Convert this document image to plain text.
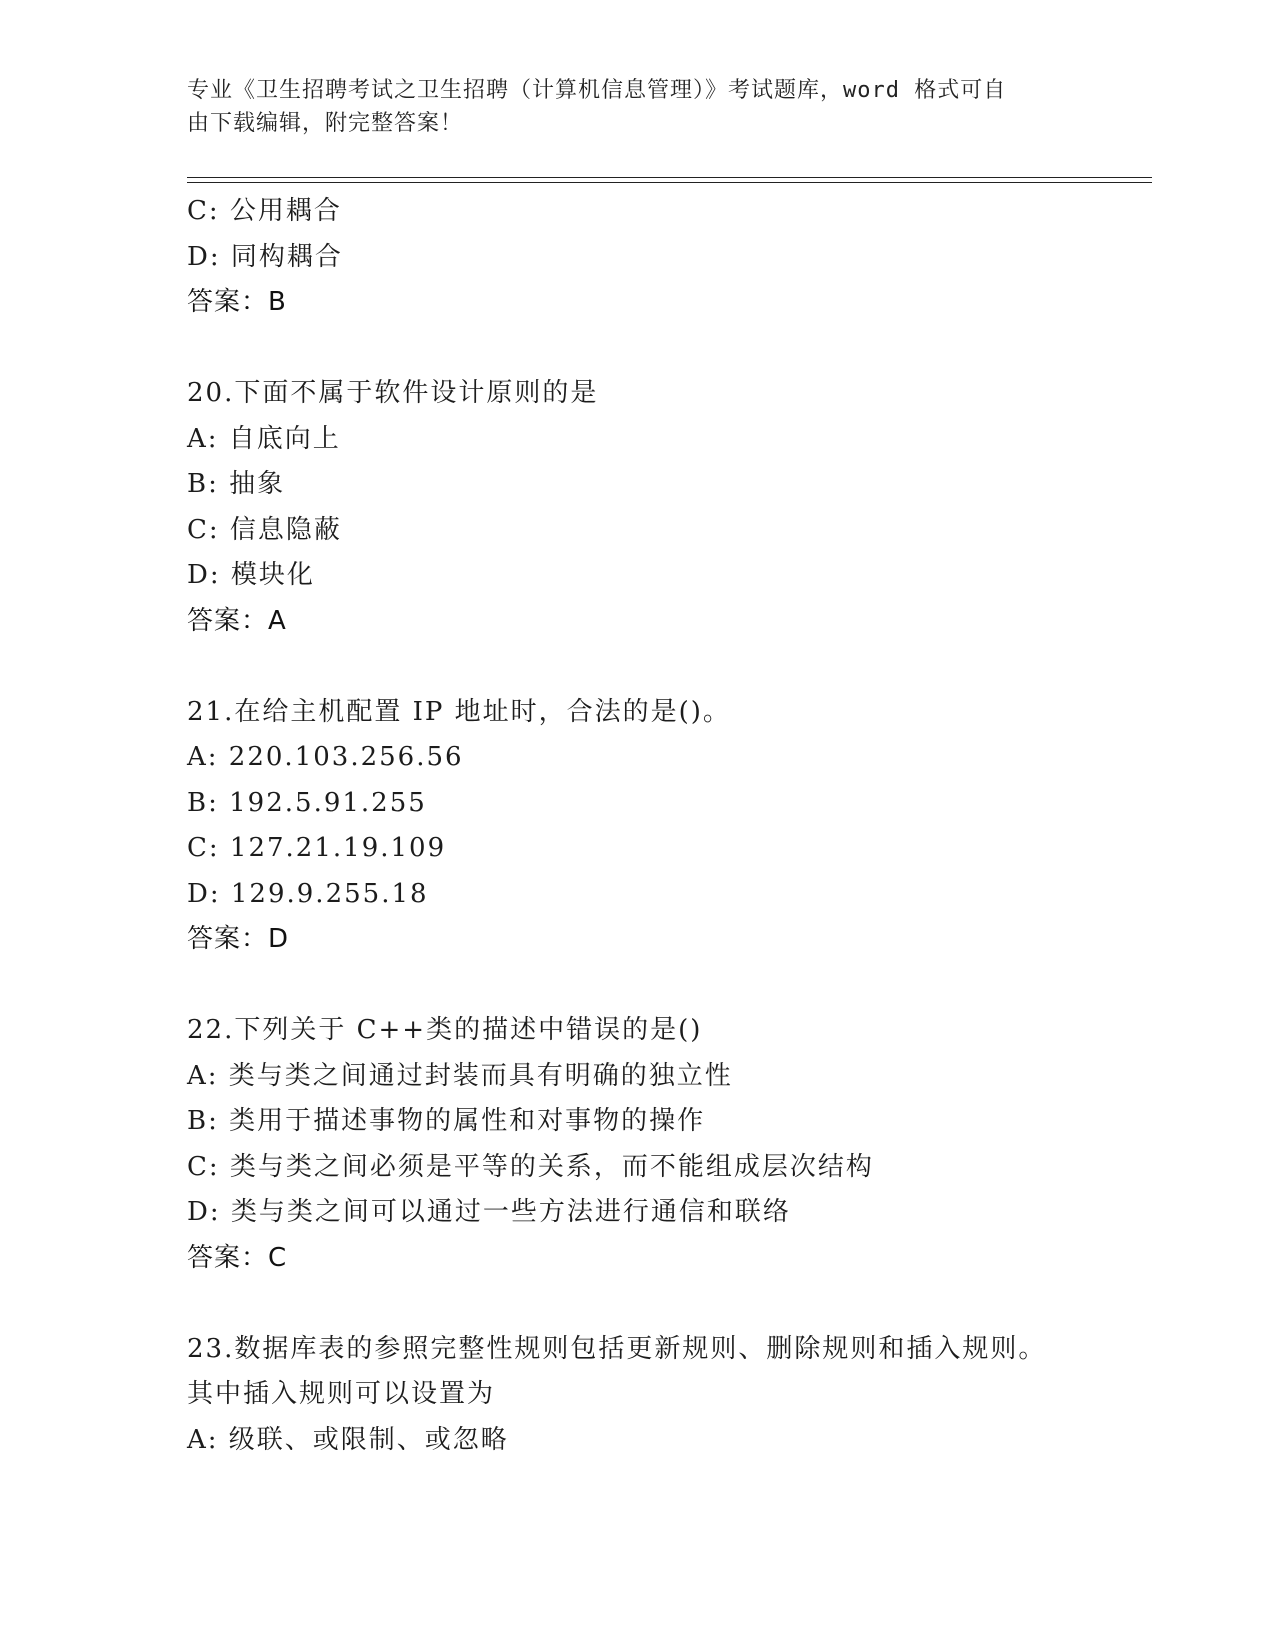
专业《卫生招聘考试之卫生招聘（计算机信息管理）》考试题库，word 格式可自
由下载编辑，附完整答案！
C: 公用耦合
D: 同构耦合
答案：B
20.下面不属于软件设计原则的是
A: 自底向上
B: 抽象
C: 信息隐蔽
D: 模块化
答案：A
21.在给主机配置 IP 地址时，合法的是()。
A: 220.103.256.56
B: 192.5.91.255
C: 127.21.19.109
D: 129.9.255.18
答案：D
22.下列关于 C++类的描述中错误的是()
A: 类与类之间通过封装而具有明确的独立性
B: 类用于描述事物的属性和对事物的操作
C: 类与类之间必须是平等的关系，而不能组成层次结构
D: 类与类之间可以通过一些方法进行通信和联络
答案：C
23.数据库表的参照完整性规则包括更新规则、删除规则和插入规则。
其中插入规则可以设置为
A: 级联、或限制、或忽略
